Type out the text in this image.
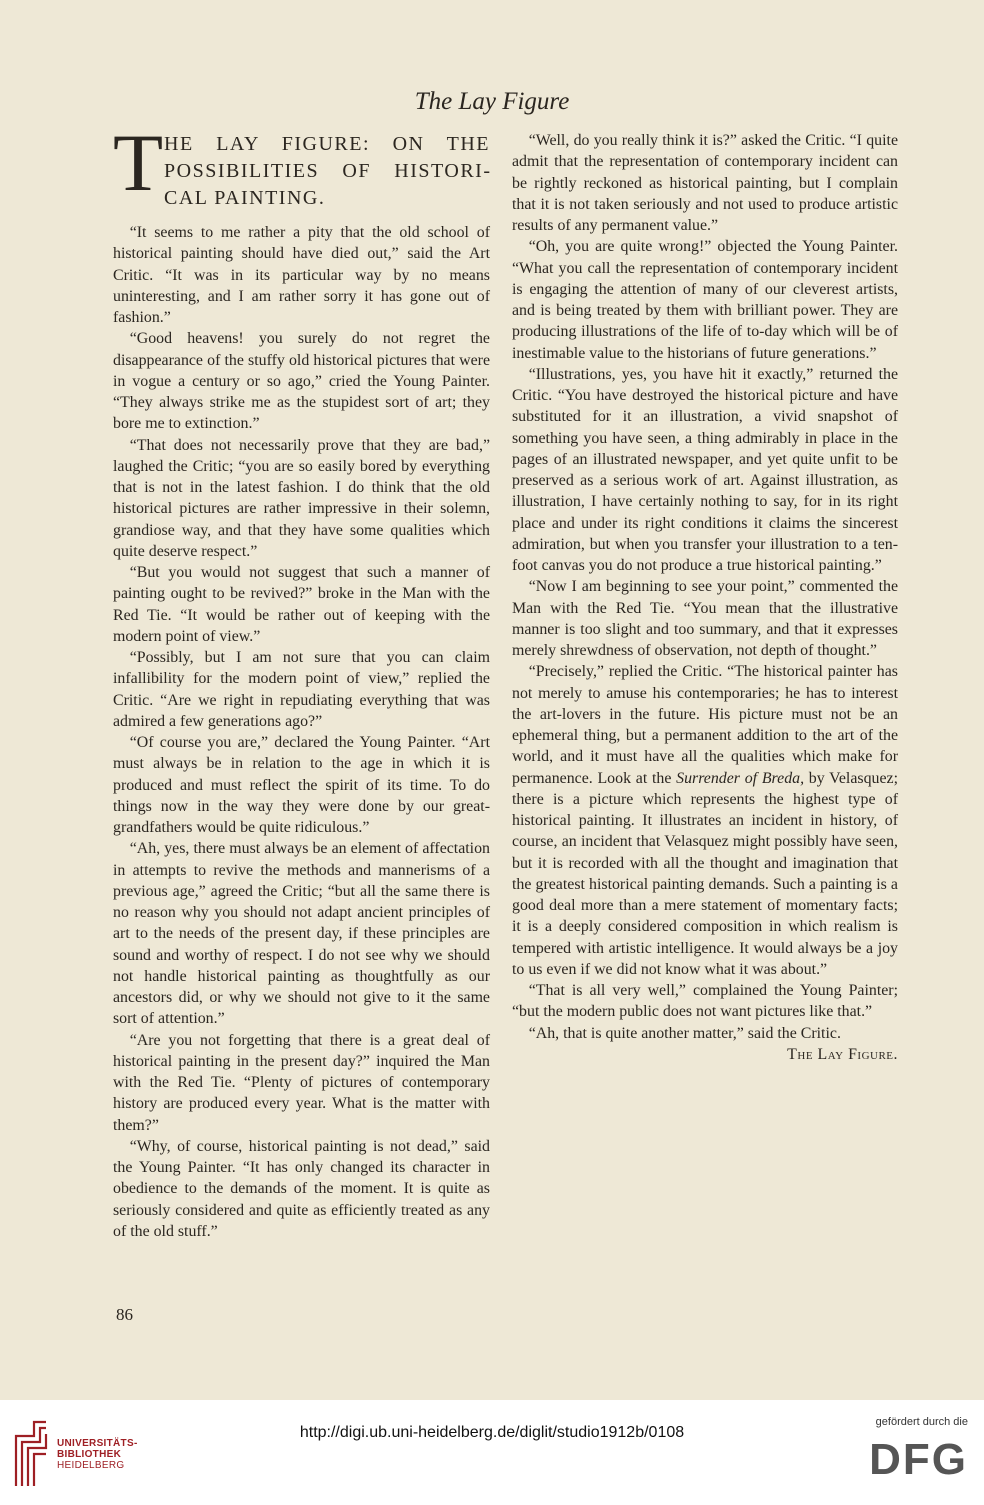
The Lay Figure
T HE LAY FIGURE: ON THE POSSIBILITIES OF HISTORICAL PAINTING.

“It seems to me rather a pity that the old school of historical painting should have died out,” said the Art Critic. “It was in its particular way by no means uninteresting, and I am rather sorry it has gone out of fashion.”

“Good heavens! you surely do not regret the disappearance of the stuffy old historical pictures that were in vogue a century or so ago,” cried the Young Painter. “They always strike me as the stupidest sort of art; they bore me to extinction.”

“That does not necessarily prove that they are bad,” laughed the Critic; “you are so easily bored by everything that is not in the latest fashion. I do think that the old historical pictures are rather impressive in their solemn, grandiose way, and that they have some qualities which quite deserve respect.”

“But you would not suggest that such a manner of painting ought to be revived?” broke in the Man with the Red Tie. “It would be rather out of keeping with the modern point of view.”

“Possibly, but I am not sure that you can claim infallibility for the modern point of view,” replied the Critic. “Are we right in repudiating everything that was admired a few generations ago?”

“Of course you are,” declared the Young Painter. “Art must always be in relation to the age in which it is produced and must reflect the spirit of its time. To do things now in the way they were done by our great-grandfathers would be quite ridiculous.”

“Ah, yes, there must always be an element of affectation in attempts to revive the methods and mannerisms of a previous age,” agreed the Critic; “but all the same there is no reason why you should not adapt ancient principles of art to the needs of the present day, if these principles are sound and worthy of respect. I do not see why we should not handle historical painting as thoughtfully as our ancestors did, or why we should not give to it the same sort of attention.”

“Are you not forgetting that there is a great deal of historical painting in the present day?” inquired the Man with the Red Tie. “Plenty of pictures of contemporary history are produced every year. What is the matter with them?”

“Why, of course, historical painting is not dead,” said the Young Painter. “It has only changed its character in obedience to the demands of the moment. It is quite as seriously considered and quite as efficiently treated as any of the old stuff.”

“Well, do you really think it is?” asked the Critic. “I quite admit that the representation of contemporary incident can be rightly reckoned as historical painting, but I complain that it is not taken seriously and not used to produce artistic results of any permanent value.”

“Oh, you are quite wrong!” objected the Young Painter. “What you call the representation of contemporary incident is engaging the attention of many of our cleverest artists, and is being treated by them with brilliant power. They are producing illustrations of the life of to-day which will be of inestimable value to the historians of future generations.”

“Illustrations, yes, you have hit it exactly,” returned the Critic. “You have destroyed the historical picture and have substituted for it an illustration, a vivid snapshot of something you have seen, a thing admirably in place in the pages of an illustrated newspaper, and yet quite unfit to be preserved as a serious work of art. Against illustration, as illustration, I have certainly nothing to say, for in its right place and under its right conditions it claims the sincerest admiration, but when you transfer your illustration to a ten-foot canvas you do not produce a true historical painting.”

“Now I am beginning to see your point,” commented the Man with the Red Tie. “You mean that the illustrative manner is too slight and too summary, and that it expresses merely shrewdness of observation, not depth of thought.”

“Precisely,” replied the Critic. “The historical painter has not merely to amuse his contemporaries; he has to interest the art-lovers in the future. His picture must not be an ephemeral thing, but a permanent addition to the art of the world, and it must have all the qualities which make for permanence. Look at the Surrender of Breda, by Velasquez; there is a picture which represents the highest type of historical painting. It illustrates an incident in history, of course, an incident that Velasquez might possibly have seen, but it is recorded with all the thought and imagination that the greatest historical painting demands. Such a painting is a good deal more than a mere statement of momentary facts; it is a deeply considered composition in which realism is tempered with artistic intelligence. It would always be a joy to us even if we did not know what it was about.”

“That is all very well,” complained the Young Painter; “but the modern public does not want pictures like that.”

“Ah, that is quite another matter,” said the Critic.
The Lay Figure.

86
UNIVERSITÄTS-
BIBLIOTHEK
HEIDELBERG
http://digi.ub.uni-heidelberg.de/diglit/studio1912b/0108
gefördert durch die
DFG
